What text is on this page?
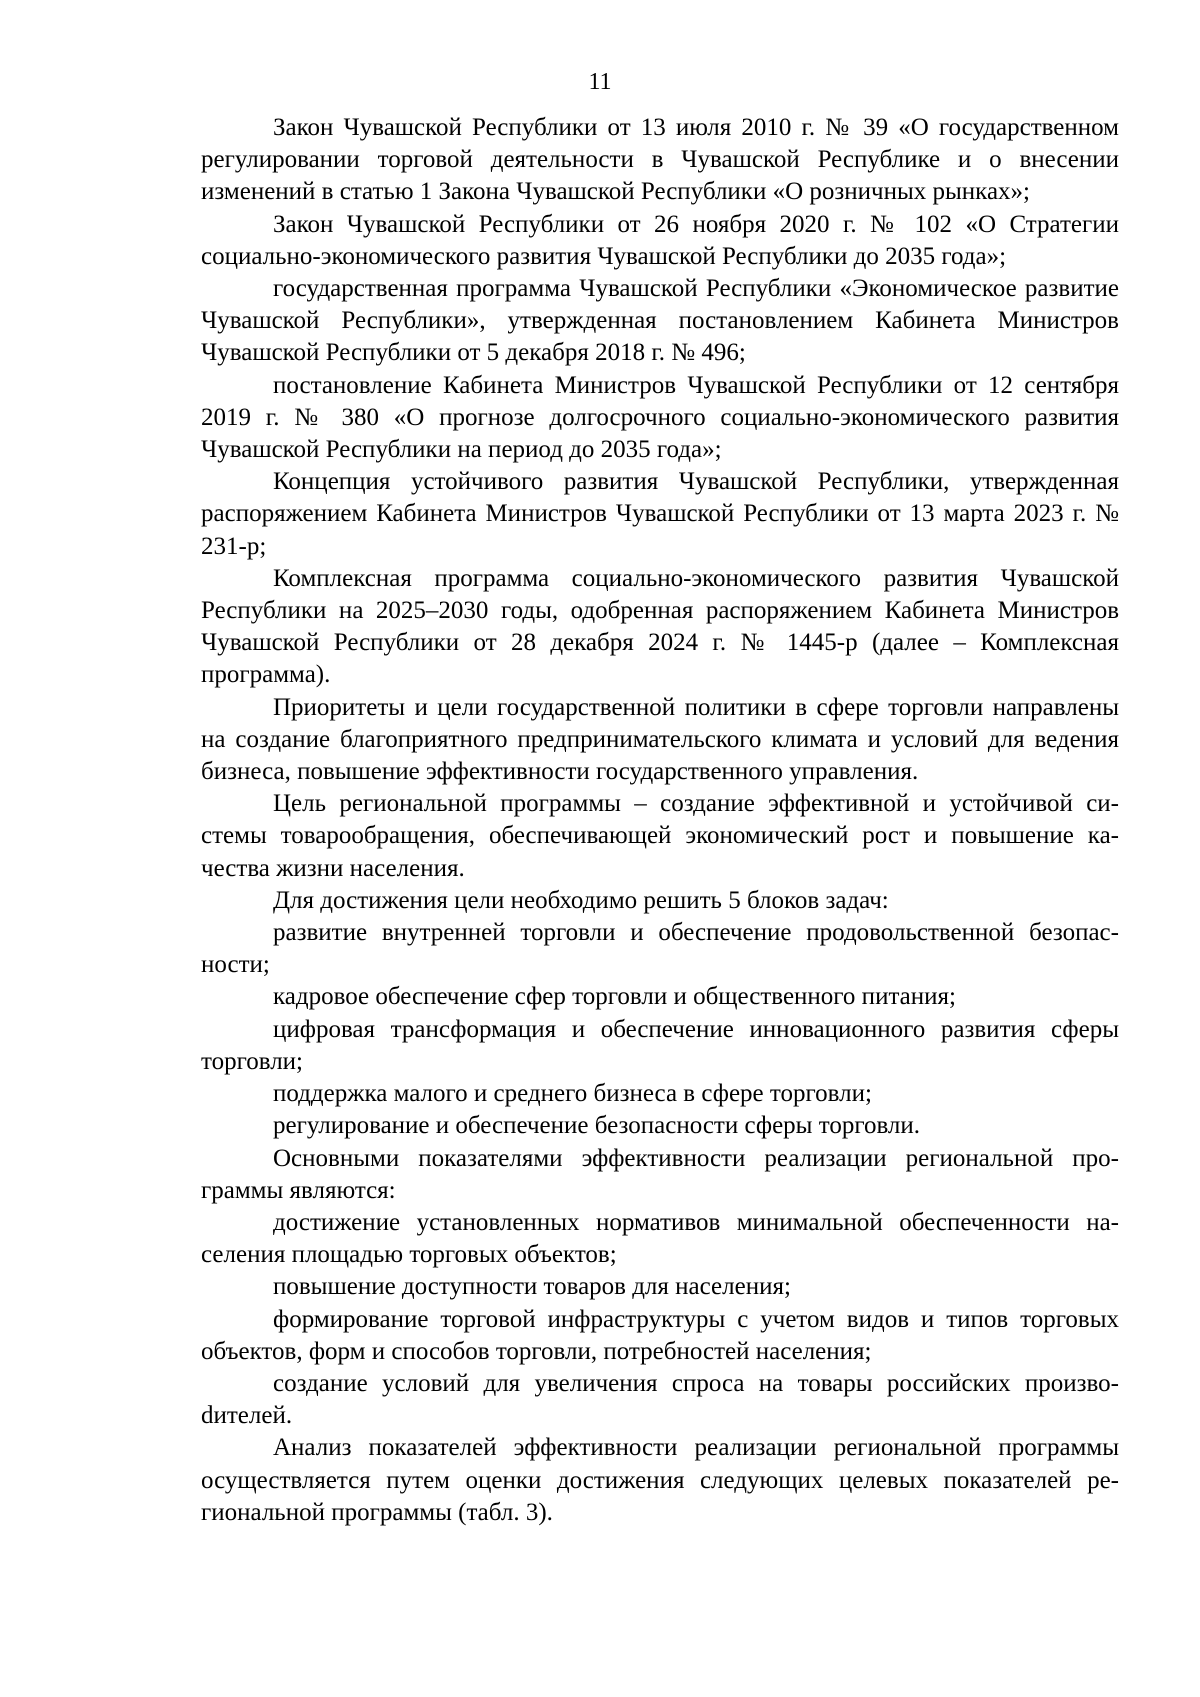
11

Закон Чувашской Республики от 13 июля 2010 г. № 39 «О государственном регулировании торговой деятельности в Чувашской Республике и о внесении изменений в статью 1 Закона Чувашской Республики «О розничных рынках»;

Закон Чувашской Республики от 26 ноября 2020 г. № 102 «О Стратегии социально-экономического развития Чувашской Республики до 2035 года»;

государственная программа Чувашской Республики «Экономическое развитие Чувашской Республики», утвержденная постановлением Кабинета Министров Чувашской Республики от 5 декабря 2018 г. № 496;

постановление Кабинета Министров Чувашской Республики от 12 сентября 2019 г. № 380 «О прогнозе долгосрочного социально-экономического развития Чувашской Республики на период до 2035 года»;

Концепция устойчивого развития Чувашской Республики, утвержденная распоряжением Кабинета Министров Чувашской Республики от 13 марта 2023 г. № 231-р;

Комплексная программа социально-экономического развития Чувашской Республики на 2025–2030 годы, одобренная распоряжением Кабинета Министров Чувашской Республики от 28 декабря 2024 г. № 1445-р (далее – Комплексная программа).

Приоритеты и цели государственной политики в сфере торговли направлены на создание благоприятного предпринимательского климата и условий для ведения бизнеса, повышение эффективности государственного управления.

Цель региональной программы – создание эффективной и устойчивой системы товарообращения, обеспечивающей экономический рост и повышение качества жизни населения.

Для достижения цели необходимо решить 5 блоков задач:

развитие внутренней торговли и обеспечение продовольственной безопасности;

кадровое обеспечение сфер торговли и общественного питания;

цифровая трансформация и обеспечение инновационного развития сферы торговли;

поддержка малого и среднего бизнеса в сфере торговли;

регулирование и обеспечение безопасности сферы торговли.

Основными показателями эффективности реализации региональной программы являются:

достижение установленных нормативов минимальной обеспеченности населения площадью торговых объектов;

повышение доступности товаров для населения;

формирование торговой инфраструктуры с учетом видов и типов торговых объектов, форм и способов торговли, потребностей населения;

создание условий для увеличения спроса на товары российских произвоdителей.

Анализ показателей эффективности реализации региональной программы осуществляется путем оценки достижения следующих целевых показателей региональной программы (табл. 3).
